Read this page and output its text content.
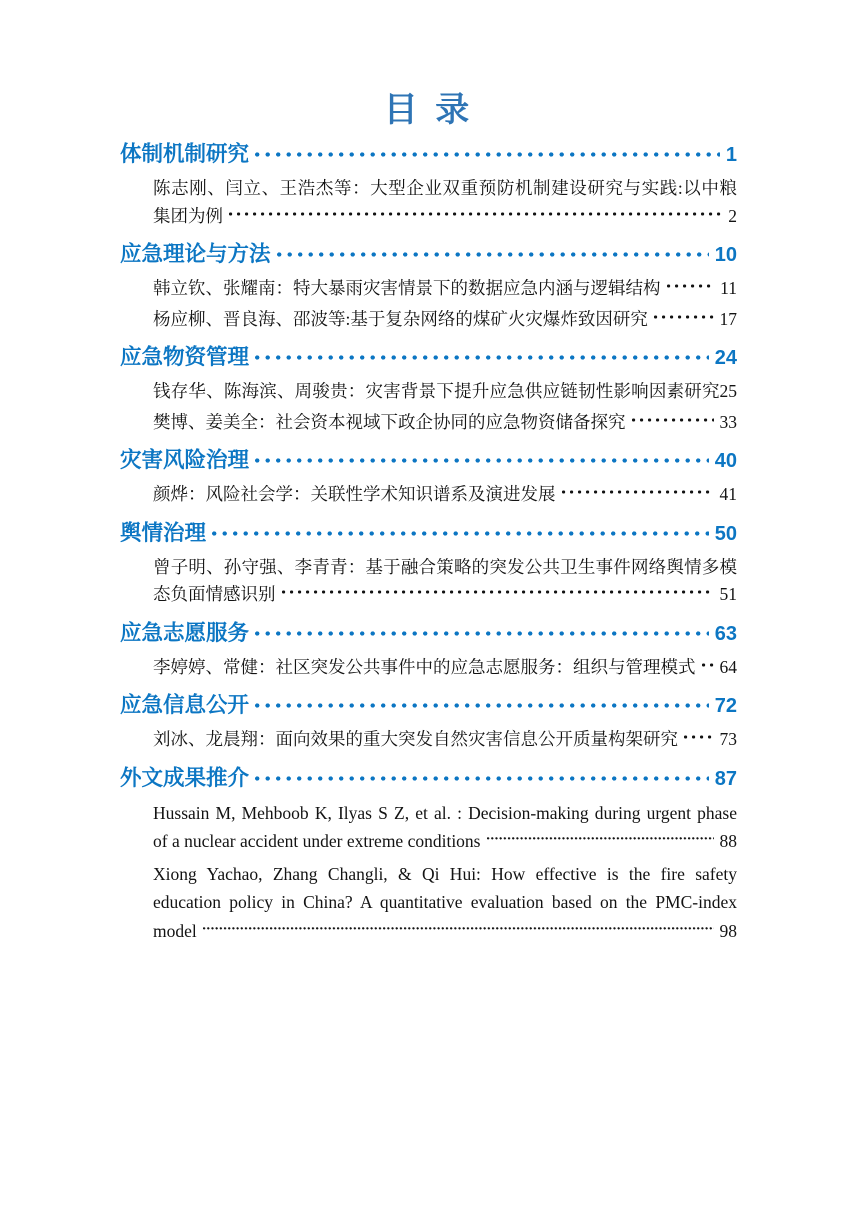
目 录
体制机制研究	1
陈志刚、闫立、王浩杰等：大型企业双重预防机制建设研究与实践:以中粮
集团为例	2
应急理论与方法	10
韩立钦、张耀南：特大暴雨灾害情景下的数据应急内涵与逻辑结构	11
杨应柳、晋良海、邵波等:基于复杂网络的煤矿火灾爆炸致因研究	17
应急物资管理	24
钱存华、陈海滨、周骏贵：灾害背景下提升应急供应链韧性影响因素研究 25
樊博、姜美全：社会资本视域下政企协同的应急物资储备探究	33
灾害风险治理	40
颜烨：风险社会学：关联性学术知识谱系及演进发展	41
舆情治理	50
曾子明、孙守强、李青青：基于融合策略的突发公共卫生事件网络舆情多模
态负面情感识别	51
应急志愿服务	63
李婷婷、常健：社区突发公共事件中的应急志愿服务：组织与管理模式 64
应急信息公开	72
刘冰、龙晨翔：面向效果的重大突发自然灾害信息公开质量构架研究 73
外文成果推介	87
Hussain M, Mehboob K, Ilyas S Z, et al. : Decision-making during urgent phase
of a nuclear accident under extreme conditions	88
Xiong Yachao, Zhang Changli, & Qi Hui: How effective is the fire safety
education policy in China? A quantitative evaluation based on the PMC-index
model	98
